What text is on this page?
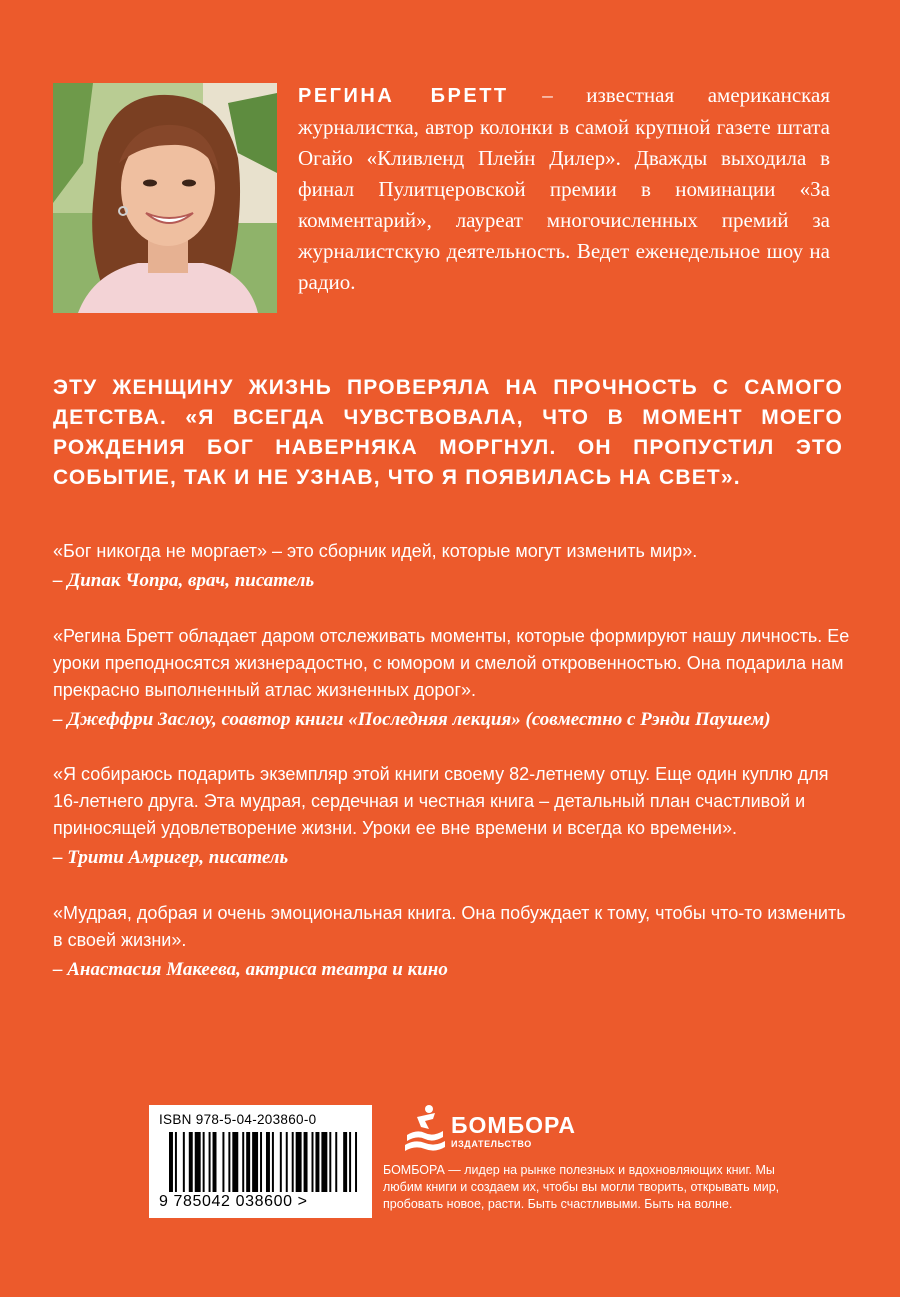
РЕГИНА БРЕТТ – известная американская журналистка, автор колонки в самой крупной газете штата Огайо «Кливленд Плейн Дилер». Дважды выходила в финал Пулитцеровской премии в номинации «За комментарий», лауреат многочисленных премий за журналистскую деятельность. Ведет еженедельное шоу на радио.
ЭТУ ЖЕНЩИНУ ЖИЗНЬ ПРОВЕРЯЛА НА ПРОЧНОСТЬ С САМОГО ДЕТСТВА. «Я ВСЕГДА ЧУВСТВОВАЛА, ЧТО В МОМЕНТ МОЕГО РОЖДЕНИЯ БОГ НАВЕРНЯКА МОРГНУЛ. ОН ПРОПУСТИЛ ЭТО СОБЫТИЕ, ТАК И НЕ УЗНАВ, ЧТО Я ПОЯВИЛАСЬ НА СВЕТ».
«Бог никогда не моргает» – это сборник идей, которые могут изменить мир».
– Дипак Чопра, врач, писатель
«Регина Бретт обладает даром отслеживать моменты, которые формируют нашу личность. Ее уроки преподносятся жизнерадостно, с юмором и смелой откровенностью. Она подарила нам прекрасно выполненный атлас жизненных дорог».
– Джеффри Заслоу, соавтор книги «Последняя лекция» (совместно с Рэнди Паушем)
«Я собираюсь подарить экземпляр этой книги своему 82-летнему отцу. Еще один куплю для 16-летнего друга. Эта мудрая, сердечная и честная книга – детальный план счастливой и приносящей удовлетворение жизни. Уроки ее вне времени и всегда ко времени».
– Трити Амригер, писатель
«Мудрая, добрая и очень эмоциональная книга. Она побуждает к тому, чтобы что-то изменить в своей жизни».
– Анастасия Макеева, актриса театра и кино
ISBN 978-5-04-203860-0
9 785042 038600 >
БОМБОРА
ИЗДАТЕЛЬСТВО
БОМБОРА — лидер на рынке полезных и вдохновляющих книг. Мы любим книги и создаем их, чтобы вы могли творить, открывать мир, пробовать новое, расти. Быть счастливыми. Быть на волне.
